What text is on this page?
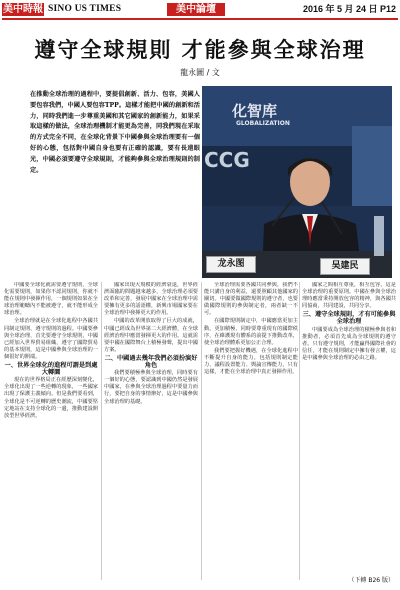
美中時報 SINO US TIMES	美中論壇	2016 年 5 月 24 日 P12
遵守全球規則 才能參與全球治理
龍永圖 / 文
在推動全球治理的過程中，要提倡創新、活力、包容，美國人要包容我們，中國人要包容TPP。這樣才能把中國的創新和活力，同時我們進一步尊重美國和其它國家的創新能力，如果采取這樣的做法，全球治理機制才能更為完善，同我們現在采取的方式完全不同，在全球化背景下中國參與全球治理要有一個好的心態，包括對中國自身也要有正確的認識，要有長遠眼光，中國必須要遵守全球規則，才能夠參與全球治理規則的制定。
化智库
GLOBALIZATION
CCG
龙永图	吴建民

中國要全球化就需要遵守規則，全球化需要規則，如果你不認同規則，你就不能在規則中發揮作用，一個規則如果在全球治理範疇內不能被遵守，就不能形成全球治理。

全球治理就是在全球化進程中各國共同制定規則、遵守規則的過程。中國要參與全球治理，首先要遵守全球規則，中國已經加入世界貿易組織，遵守了國際貿易的基本規則，這是中國參與全球治理的一個很好的開端。

一、世界全球化的進程可謂是到處大轉圜

現在的世界格局正在經歷深刻變化，全球化出現了一些逆轉的現象，一些國家出現了保護主義傾向。但是我們要看到，全球化是不可逆轉的歷史潮流，中國要堅定地站在支持全球化的一邊，推動建設開放型世界經濟。

國家出現大規模的經濟衰退，世界經濟面臨的問題越來越多，全球治理必須要改革和完善，發展中國家在全球治理中需要擁有更多的話語權，新興市場國家要在全球治理中發揮更大的作用。

中國的改革開放取得了巨大的成就，中國已經成為世界第二大經濟體，在全球經濟治理中應當發揮更大的作用。這就需要中國在國際舞台上積極發聲，提出中國方案。

二、中國過去幾年我們必須扮演好角色

我們要積極參與全球治理，同時要有一個好的心態，要認識到中國仍然是發展中國家，在參與全球治理過程中要量力而行，要把自身的事情辦好，這是中國參與全球治理的基礎。

全球治理需要各國共同參與，我們不能只講自身的利益，還要照顧其他國家的關切。中國要做國際規則的遵守者，也要做國際規則的參與制定者，兩者缺一不可。

在國際規則制定中，中國應當更加主動，更加積極，同時要尊重現有的國際秩序，在維護現有體系的前提下推動改革，使全球治理體系更加公正合理。

我們要把握好機遇，在全球化進程中不斷提升自身的能力，包括規則制定能力、議程設置能力、輿論宣傳能力，只有這樣，才能在全球治理中真正發揮作用。

國家之間相互尊重，相互包容，這是全球治理的重要原則。中國在參與全球治理時應當秉持開放包容的精神，與各國共同協商，共同建設，共同分享。

三、遵守全球規則，才有可能參與全球治理

中國要成為全球治理的積極參與者和推動者，必須首先成為全球規則的遵守者。只有遵守規則，才能贏得國際社會的信任，才能在規則制定中擁有發言權，這是中國參與全球治理的必由之路。

（下轉 B26 版）
